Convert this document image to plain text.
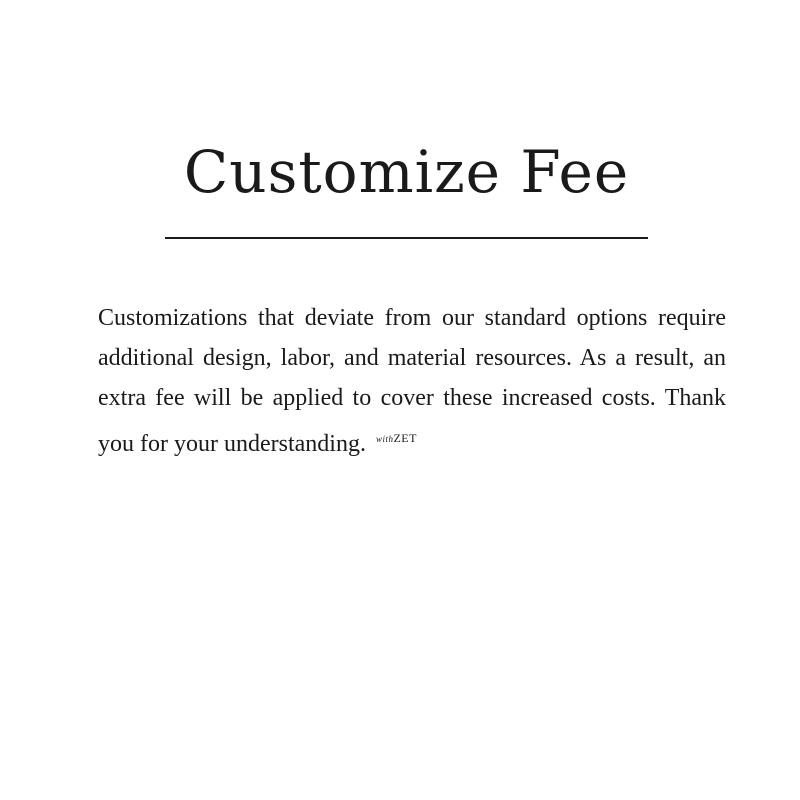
Customize Fee

Customizations that deviate from our standard options require additional design, labor, and material resources. As a result, an extra fee will be applied to cover these increased costs. Thank you for your understanding. $^{withZET}$
